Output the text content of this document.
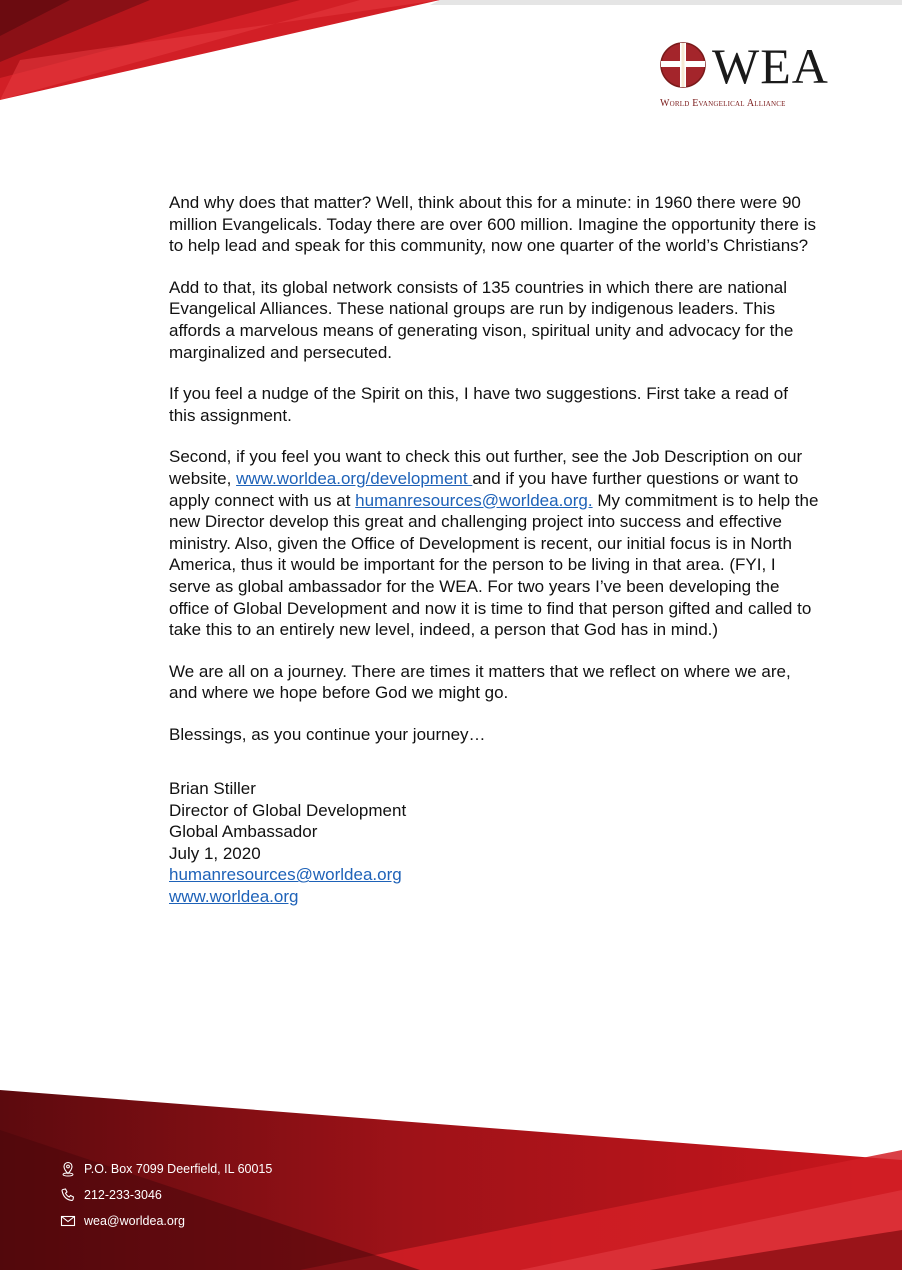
WEA
World Evangelical Alliance

And why does that matter? Well, think about this for a minute: in 1960 there were 90 million Evangelicals. Today there are over 600 million. Imagine the opportunity there is to help lead and speak for this community, now one quarter of the world’s Christians?

Add to that, its global network consists of 135 countries in which there are national Evangelical Alliances. These national groups are run by indigenous leaders. This affords a marvelous means of generating vison, spiritual unity and advocacy for the marginalized and persecuted.

If you feel a nudge of the Spirit on this, I have two suggestions. First take a read of this assignment.

Second, if you feel you want to check this out further, see the Job Description on our website, www.worldea.org/development and if you have further questions or want to apply connect with us at humanresources@worldea.org. My commitment is to help the new Director develop this great and challenging project into success and effective ministry. Also, given the Office of Development is recent, our initial focus is in North America, thus it would be important for the person to be living in that area. (FYI, I serve as global ambassador for the WEA. For two years I’ve been developing the office of Global Development and now it is time to find that person gifted and called to take this to an entirely new level, indeed, a person that God has in mind.)

We are all on a journey. There are times it matters that we reflect on where we are, and where we hope before God we might go.

Blessings, as you continue your journey…

Brian Stiller
Director of Global Development
Global Ambassador
July 1, 2020
humanresources@worldea.org
www.worldea.org
P.O. Box 7099 Deerfield, IL 60015
212-233-3046
wea@worldea.org
